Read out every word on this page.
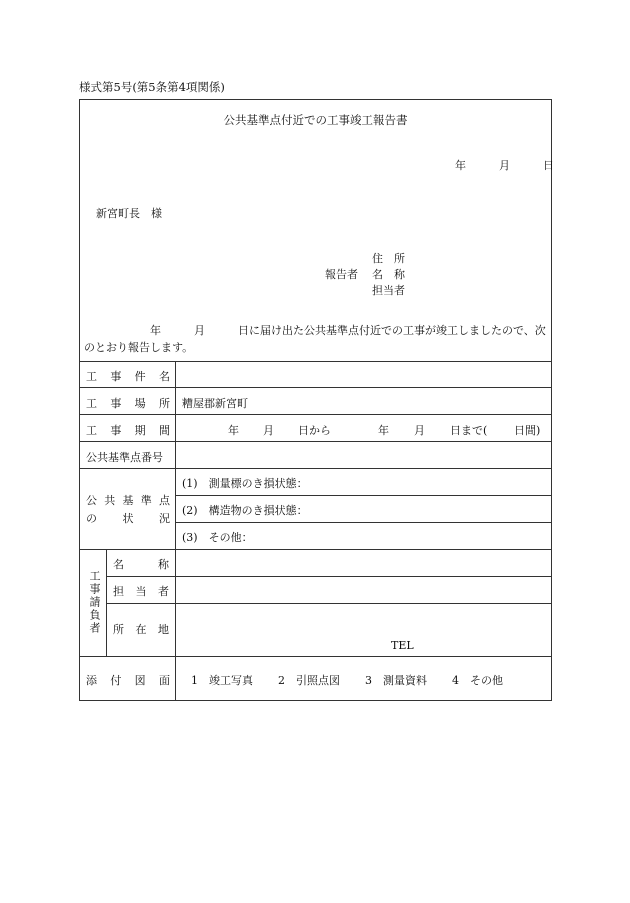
様式第5号(第5条第4項関係)
公共基準点付近での工事竣工報告書
年	月	日
新宮町長　様
住　所
報告者 名　称
担当者
　　　　　　年　　　月　　　日に届け出た公共基準点付近での工事が竣工しましたので、次のとおり報告します。
工 事 件 名
工 事 場 所 糟屋郡新宮町
工 事 期 間	年 月 日から	年 月 日まで( 日間)
公共基準点番号
公 共 基 準 点
の 状 況
(1)　測量標のき損状態：
(2)　構造物のき損状態：
(3)　その他：
工事請負者
名	称
担 当 者
所 在 地
TEL
添 付 図 面 1　竣工写真 2　引照点図 3　測量資料 4　その他
